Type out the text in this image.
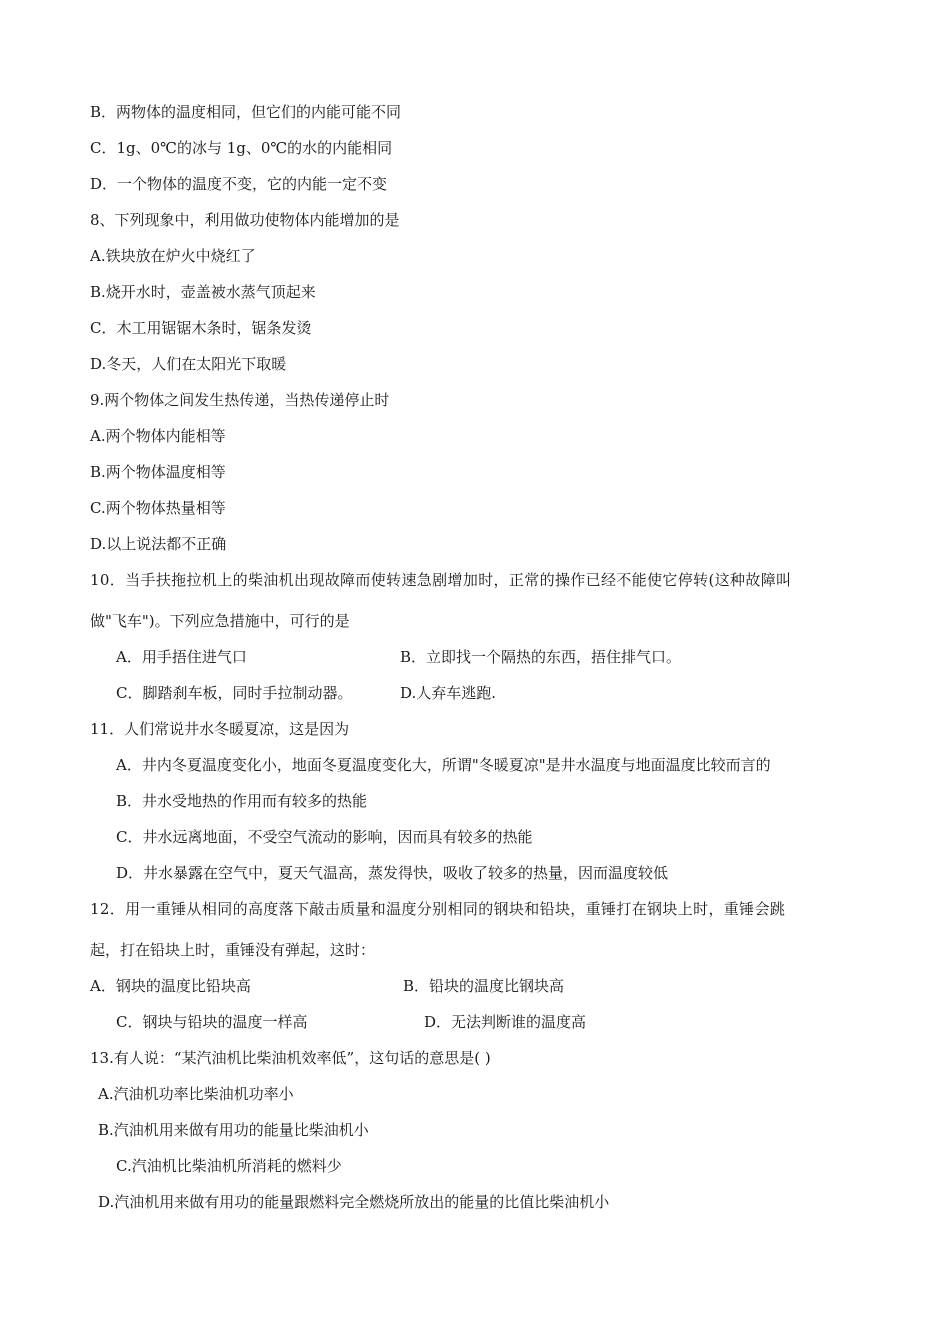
B．两物体的温度相同，但它们的内能可能不同
C．1g、0℃的冰与 1g、0℃的水的内能相同
D．一个物体的温度不变，它的内能一定不变
8、下列现象中，利用做功使物体内能增加的是
A.铁块放在炉火中烧红了
B.烧开水时，壶盖被水蒸气顶起来
C．木工用锯锯木条时，锯条发烫
D.冬天，人们在太阳光下取暖
9.两个物体之间发生热传递，当热传递停止时
A.两个物体内能相等
B.两个物体温度相等
C.两个物体热量相等
D.以上说法都不正确
10．当手扶拖拉机上的柴油机出现故障而使转速急剧增加时，正常的操作已经不能使它停转(这种故障叫
做"飞车")。下列应急措施中，可行的是
A．用手捂住进气口	B．立即找一个隔热的东西，捂住排气口。
C．脚踏刹车板，同时手拉制动器。	D.人弃车逃跑.
11．人们常说井水冬暖夏凉，这是因为
A．井内冬夏温度变化小，地面冬夏温度变化大，所谓"冬暖夏凉"是井水温度与地面温度比较而言的
B．井水受地热的作用而有较多的热能
C．井水远离地面，不受空气流动的影响，因而具有较多的热能
D．井水暴露在空气中，夏天气温高，蒸发得快，吸收了较多的热量，因而温度较低
12．用一重锤从相同的高度落下敲击质量和温度分别相同的钢块和铅块，重锤打在钢块上时，重锤会跳
起，打在铅块上时，重锤没有弹起，这时：
A．钢块的温度比铅块高	B．铅块的温度比钢块高
C．钢块与铅块的温度一样高	D．无法判断谁的温度高
13.有人说：“某汽油机比柴油机效率低”，这句话的意思是( )
A.汽油机功率比柴油机功率小
B.汽油机用来做有用功的能量比柴油机小
C.汽油机比柴油机所消耗的燃料少
D.汽油机用来做有用功的能量跟燃料完全燃烧所放出的能量的比值比柴油机小
